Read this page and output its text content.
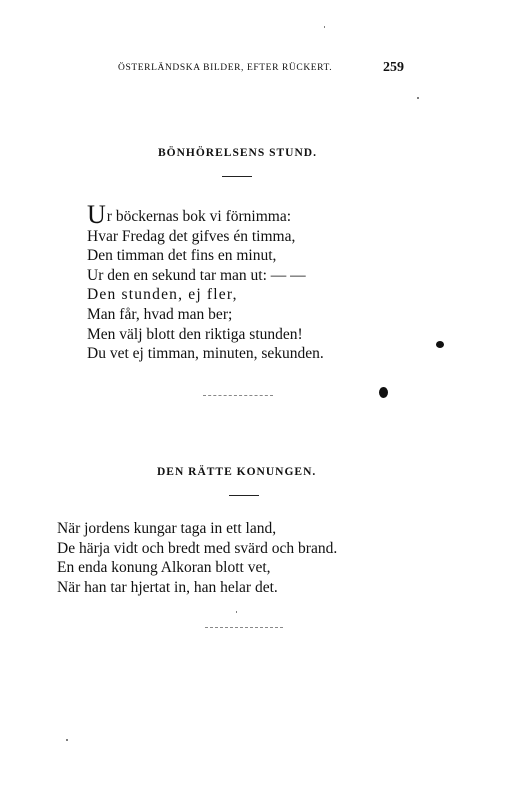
ÖSTERLÄNDSKA BILDER, EFTER RÜCKERT.	259
BÖNHÖRELSENS STUND.
Ur böckernas bok vi förnimma:
Hvar Fredag det gifves én timma,
Den timman det fins en minut,
Ur den en sekund tar man ut: — —
Den stunden, ej fler,
Man får, hvad man ber;
Men välj blott den riktiga stunden!
Du vet ej timman, minuten, sekunden.
DEN RÄTTE KONUNGEN.
När jordens kungar taga in ett land,
De härja vidt och bredt med svärd och brand.
En enda konung Alkoran blott vet,
När han tar hjertat in, han helar det.
